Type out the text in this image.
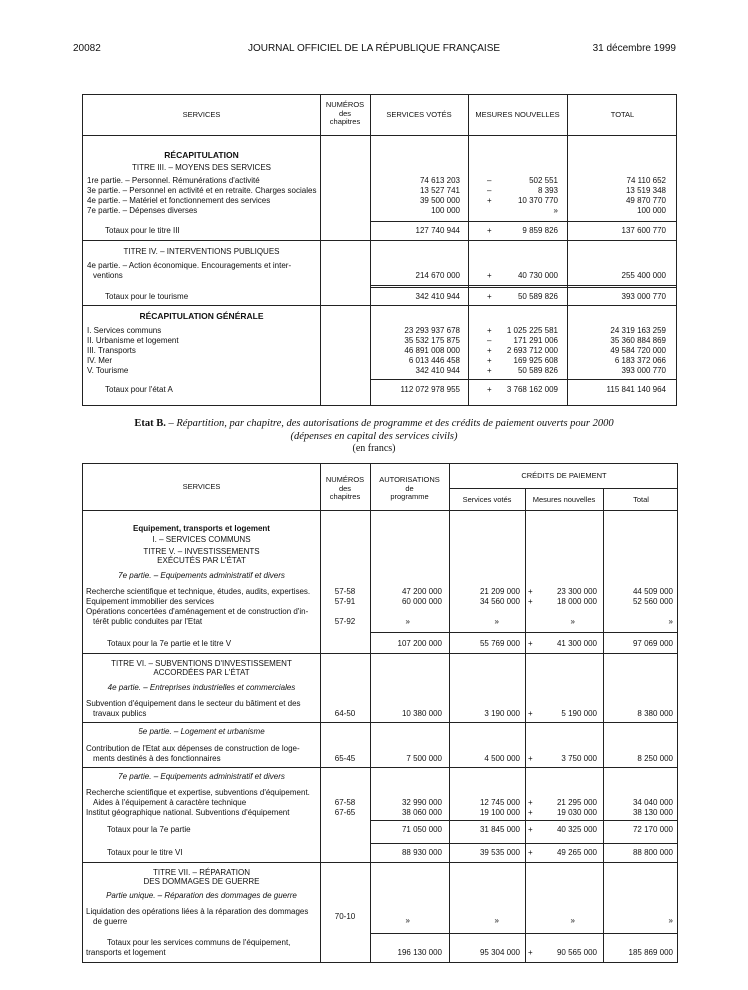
20082	JOURNAL OFFICIEL DE LA RÉPUBLIQUE FRANÇAISE	31 décembre 1999
SERVICES
NUMÉROS
des
chapitres
SERVICES VOTÉS	MESURES NOUVELLES	TOTAL
RÉCAPITULATION
TITRE III. – MOYENS DES SERVICES
1re partie. – Personnel. Rémunérations d'activité	74 613 203	–	502 551	74 110 652
3e partie. – Personnel en activité et en retraite. Charges sociales	13 527 741	–	8 393	13 519 348
4e partie. – Matériel et fonctionnement des services	39 500 000	+	10 370 770	49 870 770
7e partie. – Dépenses diverses	100 000	»	100 000
Totaux pour le titre III	127 740 944	+	9 859 826	137 600 770
TITRE IV. – INTERVENTIONS PUBLIQUES
4e partie. – Action économique. Encouragements et inter-
ventions	214 670 000	+	40 730 000	255 400 000
Totaux pour le tourisme	342 410 944	+	50 589 826	393 000 770
RÉCAPITULATION GÉNÉRALE
I. Services communs	23 293 937 678	+	1 025 225 581	24 319 163 259
II. Urbanisme et logement	35 532 175 875	–	171 291 006	35 360 884 869
III. Transports	46 891 008 000	+	2 693 712 000	49 584 720 000
IV. Mer	6 013 446 458	+	169 925 608	6 183 372 066
V. Tourisme	342 410 944	+	50 589 826	393 000 770
Totaux pour l'état A	112 072 978 955	+	3 768 162 009	115 841 140 964
Etat B. – Répartition, par chapitre, des autorisations de programme et des crédits de paiement ouverts pour 2000
(dépenses en capital des services civils)
(en francs)
SERVICES
NUMÉROS
des
chapitres
AUTORISATIONS
de
programme
CRÉDITS DE PAIEMENT
Services votés	Mesures nouvelles	Total
Equipement, transports et logement
I. – SERVICES COMMUNS
TITRE V. – INVESTISSEMENTS
EXÉCUTÉS PAR L'ÉTAT
7e partie. – Equipements administratif et divers
Recherche scientifique et technique, études, audits, expertises.	57-58	47 200 000	21 209 000 +	23 300 000	44 509 000
Equipement immobilier des services	57-91	60 000 000	34 560 000 +	18 000 000	52 560 000
Opérations concertées d'aménagement et de construction d'in-
térêt public conduites par l'Etat	57-92	»	»	»	»
Totaux pour la 7e partie et le titre V	107 200 000	55 769 000 +	41 300 000	97 069 000
TITRE VI. – SUBVENTIONS D'INVESTISSEMENT
ACCORDÉES PAR L'ÉTAT
4e partie. – Entreprises industrielles et commerciales
Subvention d'équipement dans le secteur du bâtiment et des
travaux publics	64-50	10 380 000	3 190 000 +	5 190 000	8 380 000
5e partie. – Logement et urbanisme
Contribution de l'Etat aux dépenses de construction de loge-
ments destinés à des fonctionnaires	65-45	7 500 000	4 500 000 +	3 750 000	8 250 000
7e partie. – Equipements administratif et divers
Recherche scientifique et expertise, subventions d'équipement.
Aides à l'équipement à caractère technique	67-58	32 990 000	12 745 000 +	21 295 000	34 040 000
Institut géographique national. Subventions d'équipement	67-65	38 060 000	19 100 000 +	19 030 000	38 130 000
Totaux pour la 7e partie	71 050 000	31 845 000 +	40 325 000	72 170 000
Totaux pour le titre VI	88 930 000	39 535 000 +	49 265 000	88 800 000
TITRE VII. – RÉPARATION
DES DOMMAGES DE GUERRE
Partie unique. – Réparation des dommages de guerre
Liquidation des opérations liées à la réparation des dommages
de guerre
70-10	»	»	»	»
Totaux pour les services communs de l'équipement,
transports et logement	196 130 000	95 304 000 +	90 565 000	185 869 000
